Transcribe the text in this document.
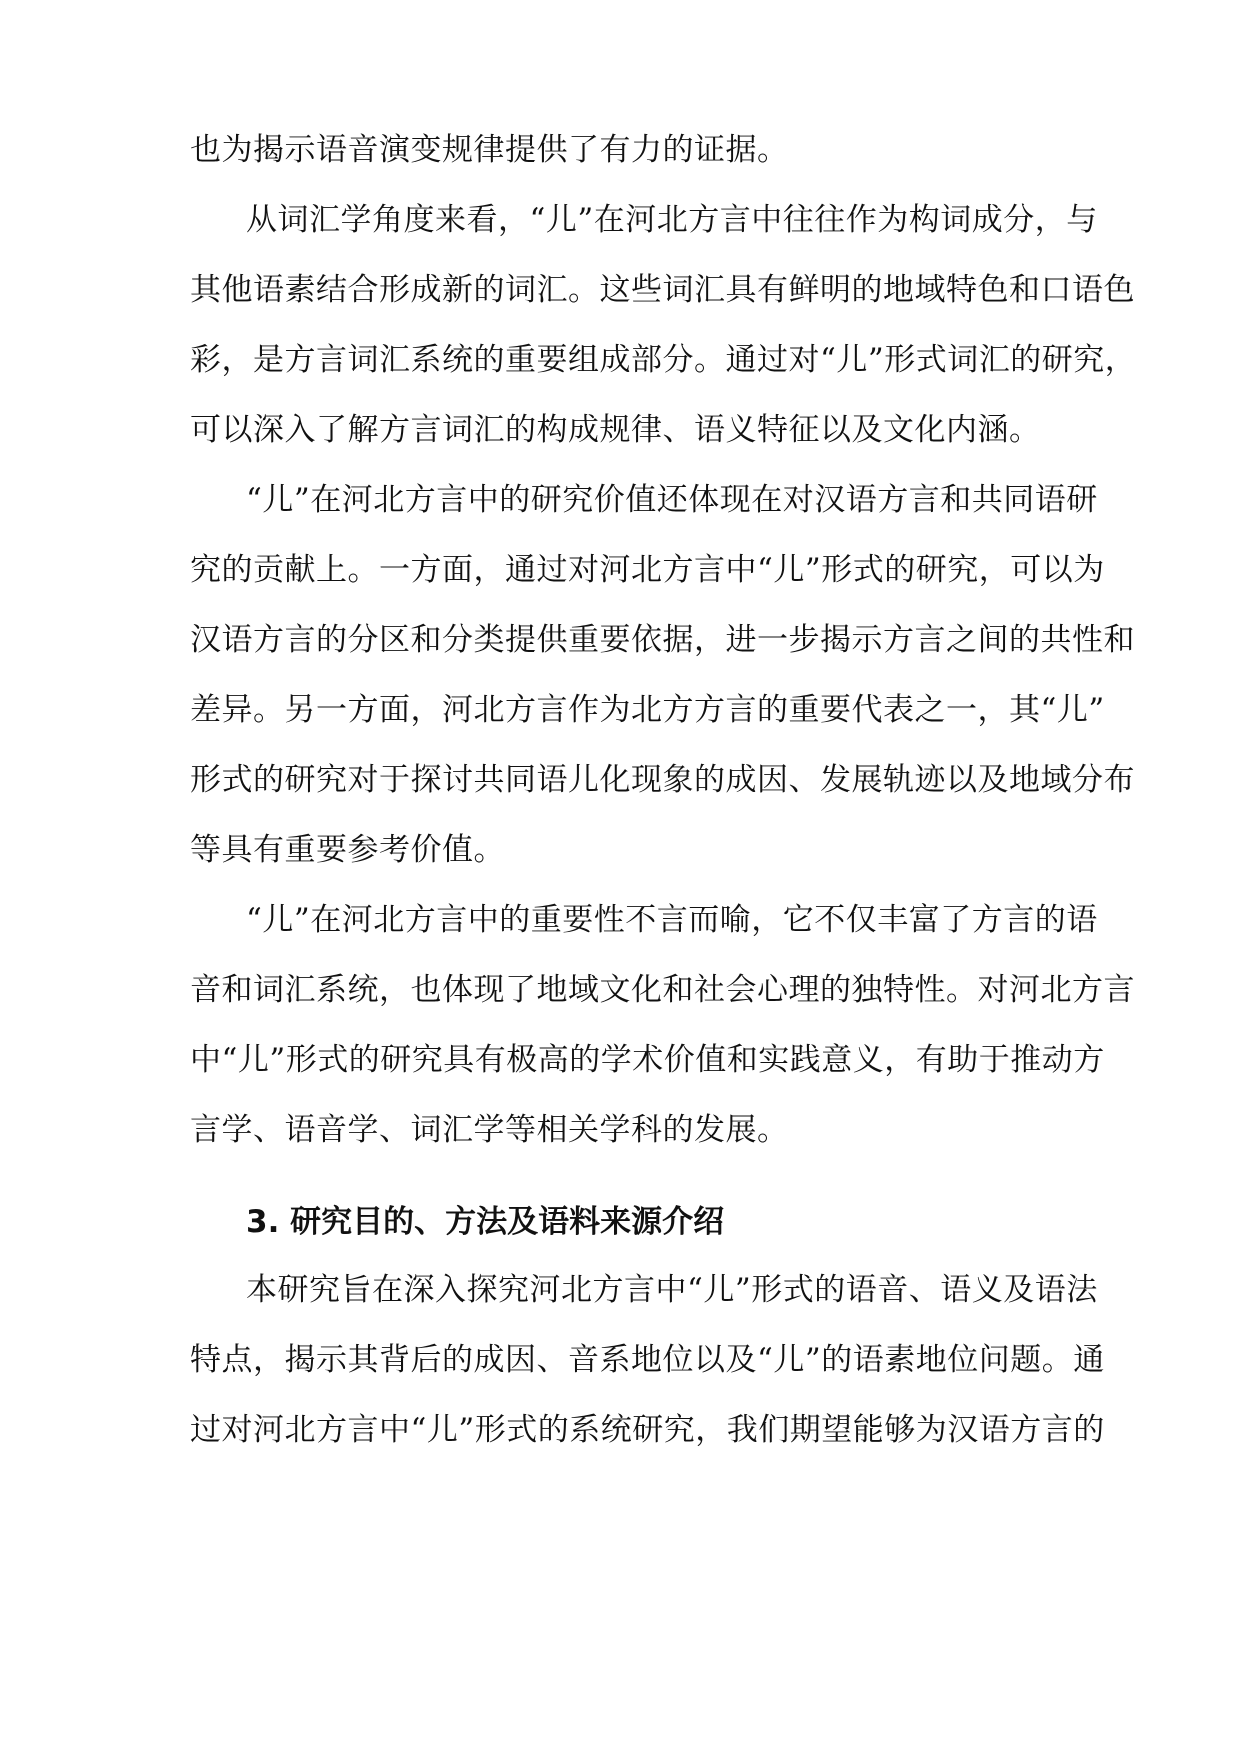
也为揭示语音演变规律提供了有力的证据。
从词汇学角度来看，“儿”在河北方言中往往作为构词成分，与
其他语素结合形成新的词汇。这些词汇具有鲜明的地域特色和口语色
彩，是方言词汇系统的重要组成部分。通过对“儿”形式词汇的研究，
可以深入了解方言词汇的构成规律、语义特征以及文化内涵。
“儿”在河北方言中的研究价值还体现在对汉语方言和共同语研
究的贡献上。一方面，通过对河北方言中“儿”形式的研究，可以为
汉语方言的分区和分类提供重要依据，进一步揭示方言之间的共性和
差异。另一方面，河北方言作为北方方言的重要代表之一，其“儿”
形式的研究对于探讨共同语儿化现象的成因、发展轨迹以及地域分布
等具有重要参考价值。
“儿”在河北方言中的重要性不言而喻，它不仅丰富了方言的语
音和词汇系统，也体现了地域文化和社会心理的独特性。对河北方言
中“儿”形式的研究具有极高的学术价值和实践意义，有助于推动方
言学、语音学、词汇学等相关学科的发展。
3. 研究目的、方法及语料来源介绍
本研究旨在深入探究河北方言中“儿”形式的语音、语义及语法
特点，揭示其背后的成因、音系地位以及“儿”的语素地位问题。通
过对河北方言中“儿”形式的系统研究，我们期望能够为汉语方言的
